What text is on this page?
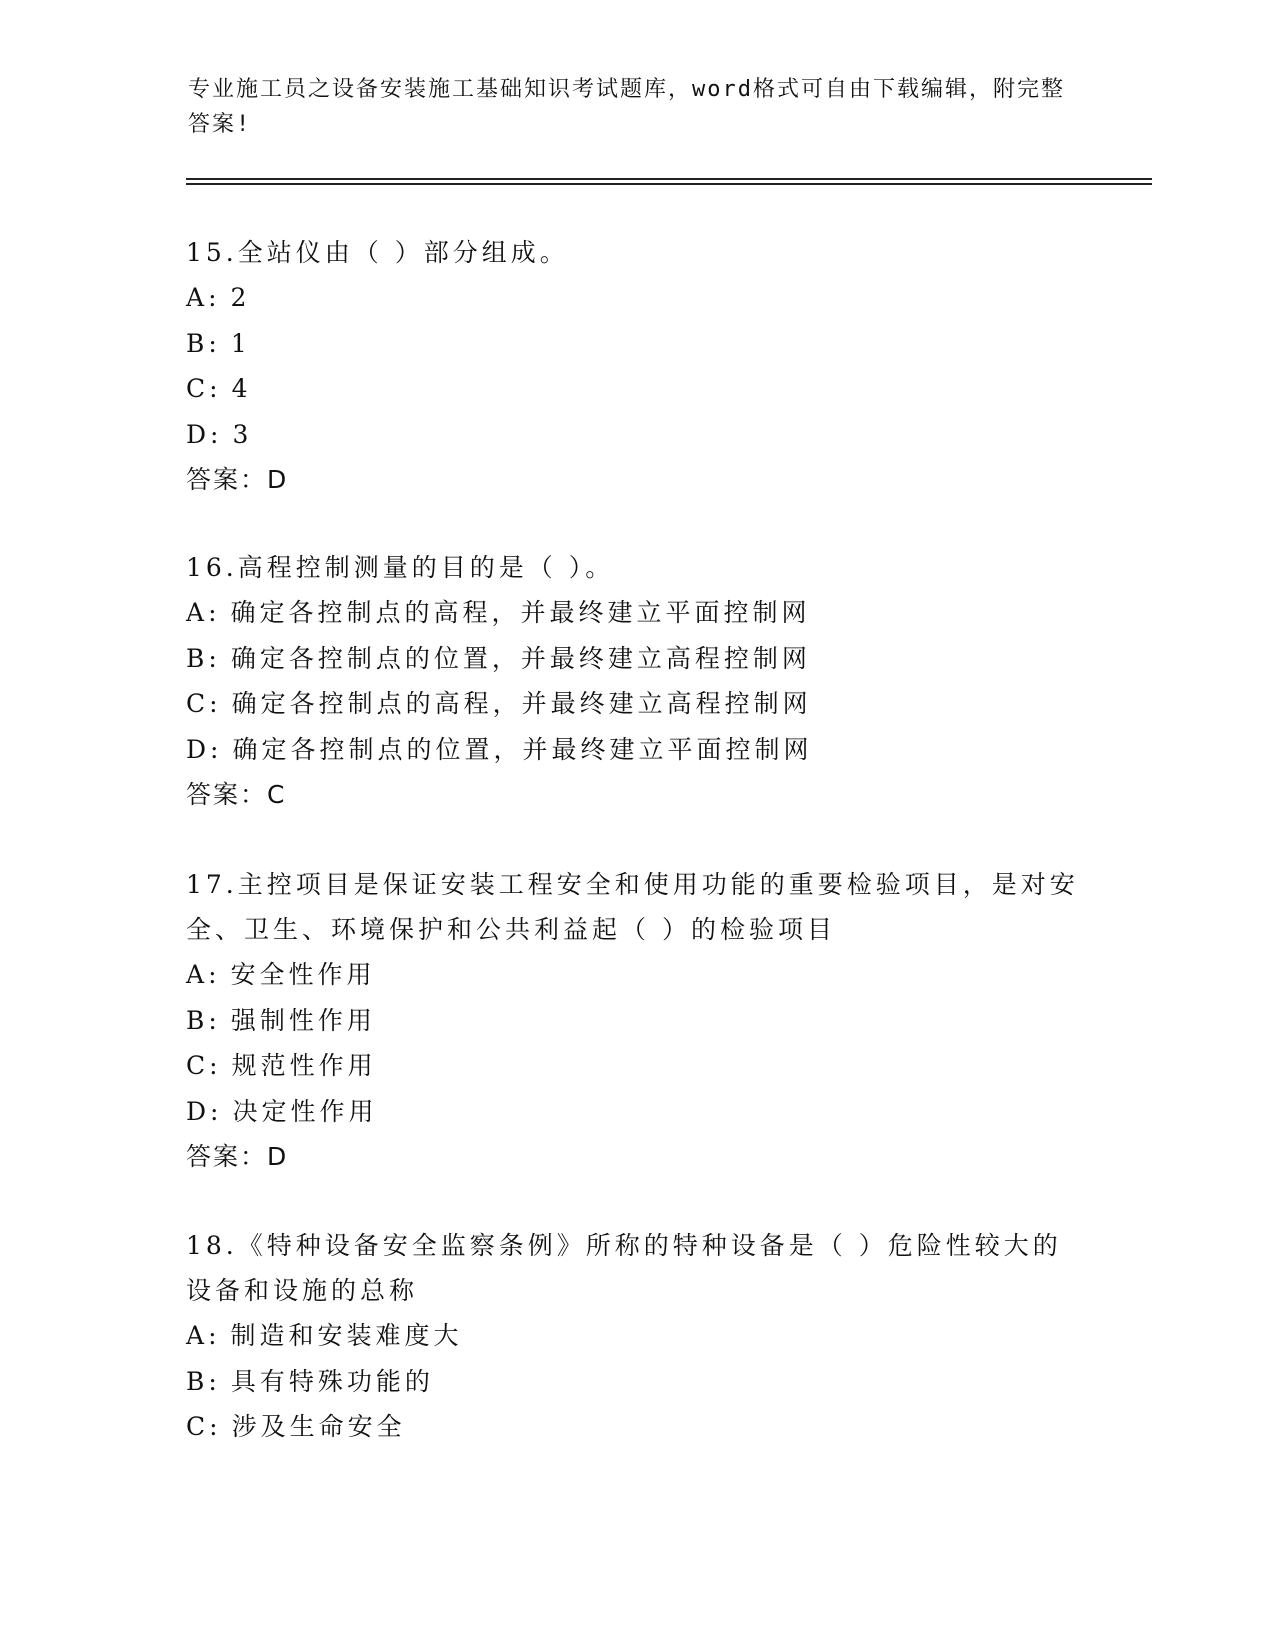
专业施工员之设备安装施工基础知识考试题库，word格式可自由下载编辑，附完整答案!

15.全站仪由（ ）部分组成。

A: 2

B: 1

C: 4

D: 3

答案：D

16.高程控制测量的目的是（ ）。

A: 确定各控制点的高程，并最终建立平面控制网

B: 确定各控制点的位置，并最终建立高程控制网

C: 确定各控制点的高程，并最终建立高程控制网

D: 确定各控制点的位置，并最终建立平面控制网

答案：C

17.主控项目是保证安装工程安全和使用功能的重要检验项目，是对安全、卫生、环境保护和公共利益起（ ）的检验项目

A: 安全性作用

B: 强制性作用

C: 规范性作用

D: 决定性作用

答案：D

18.《特种设备安全监察条例》所称的特种设备是（ ）危险性较大的设备和设施的总称

A: 制造和安装难度大

B: 具有特殊功能的

C: 涉及生命安全
